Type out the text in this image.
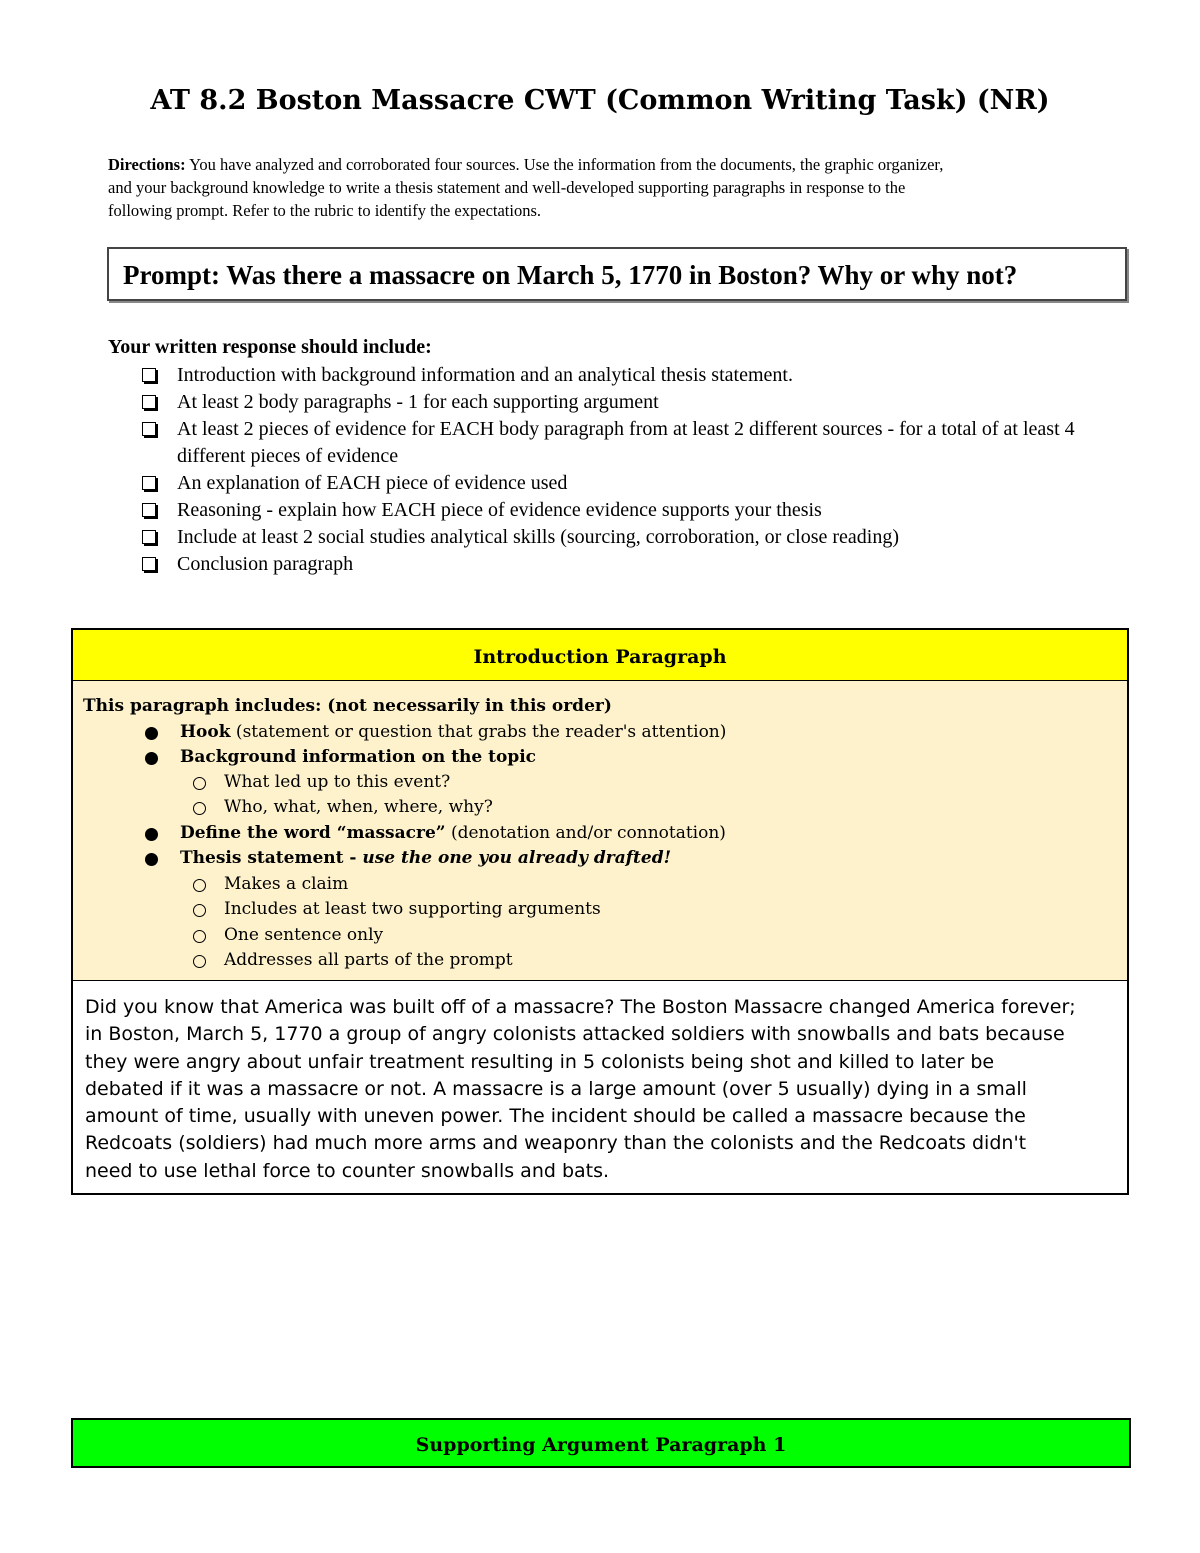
AT 8.2 Boston Massacre CWT (Common Writing Task) (NR)
Directions: You have analyzed and corroborated four sources. Use the information from the documents, the graphic organizer,
and your background knowledge to write a thesis statement and well-developed supporting paragraphs in response to the
following prompt. Refer to the rubric to identify the expectations.
Prompt: Was there a massacre on March 5, 1770 in Boston? Why or why not?
Your written response should include:
Introduction with background information and an analytical thesis statement.
At least 2 body paragraphs - 1 for each supporting argument
At least 2 pieces of evidence for EACH body paragraph from at least 2 different sources - for a total of at least 4 different pieces of evidence
An explanation of EACH piece of evidence used
Reasoning - explain how EACH piece of evidence evidence supports your thesis
Include at least 2 social studies analytical skills (sourcing, corroboration, or close reading)
Conclusion paragraph
Introduction Paragraph
This paragraph includes: (not necessarily in this order)
Hook (statement or question that grabs the reader's attention)
Background information on the topic
What led up to this event?
Who, what, when, where, why?
Define the word “massacre” (denotation and/or connotation)
Thesis statement - use the one you already drafted!
Makes a claim
Includes at least two supporting arguments
One sentence only
Addresses all parts of the prompt
Did you know that America was built off of a massacre? The Boston Massacre changed America forever;
in Boston, March 5, 1770 a group of angry colonists attacked soldiers with snowballs and bats because
they were angry about unfair treatment resulting in 5 colonists being shot and killed to later be
debated if it was a massacre or not. A massacre is a large amount (over 5 usually) dying in a small
amount of time, usually with uneven power. The incident should be called a massacre because the
Redcoats (soldiers) had much more arms and weaponry than the colonists and the Redcoats didn't
need to use lethal force to counter snowballs and bats.
Supporting Argument Paragraph 1
